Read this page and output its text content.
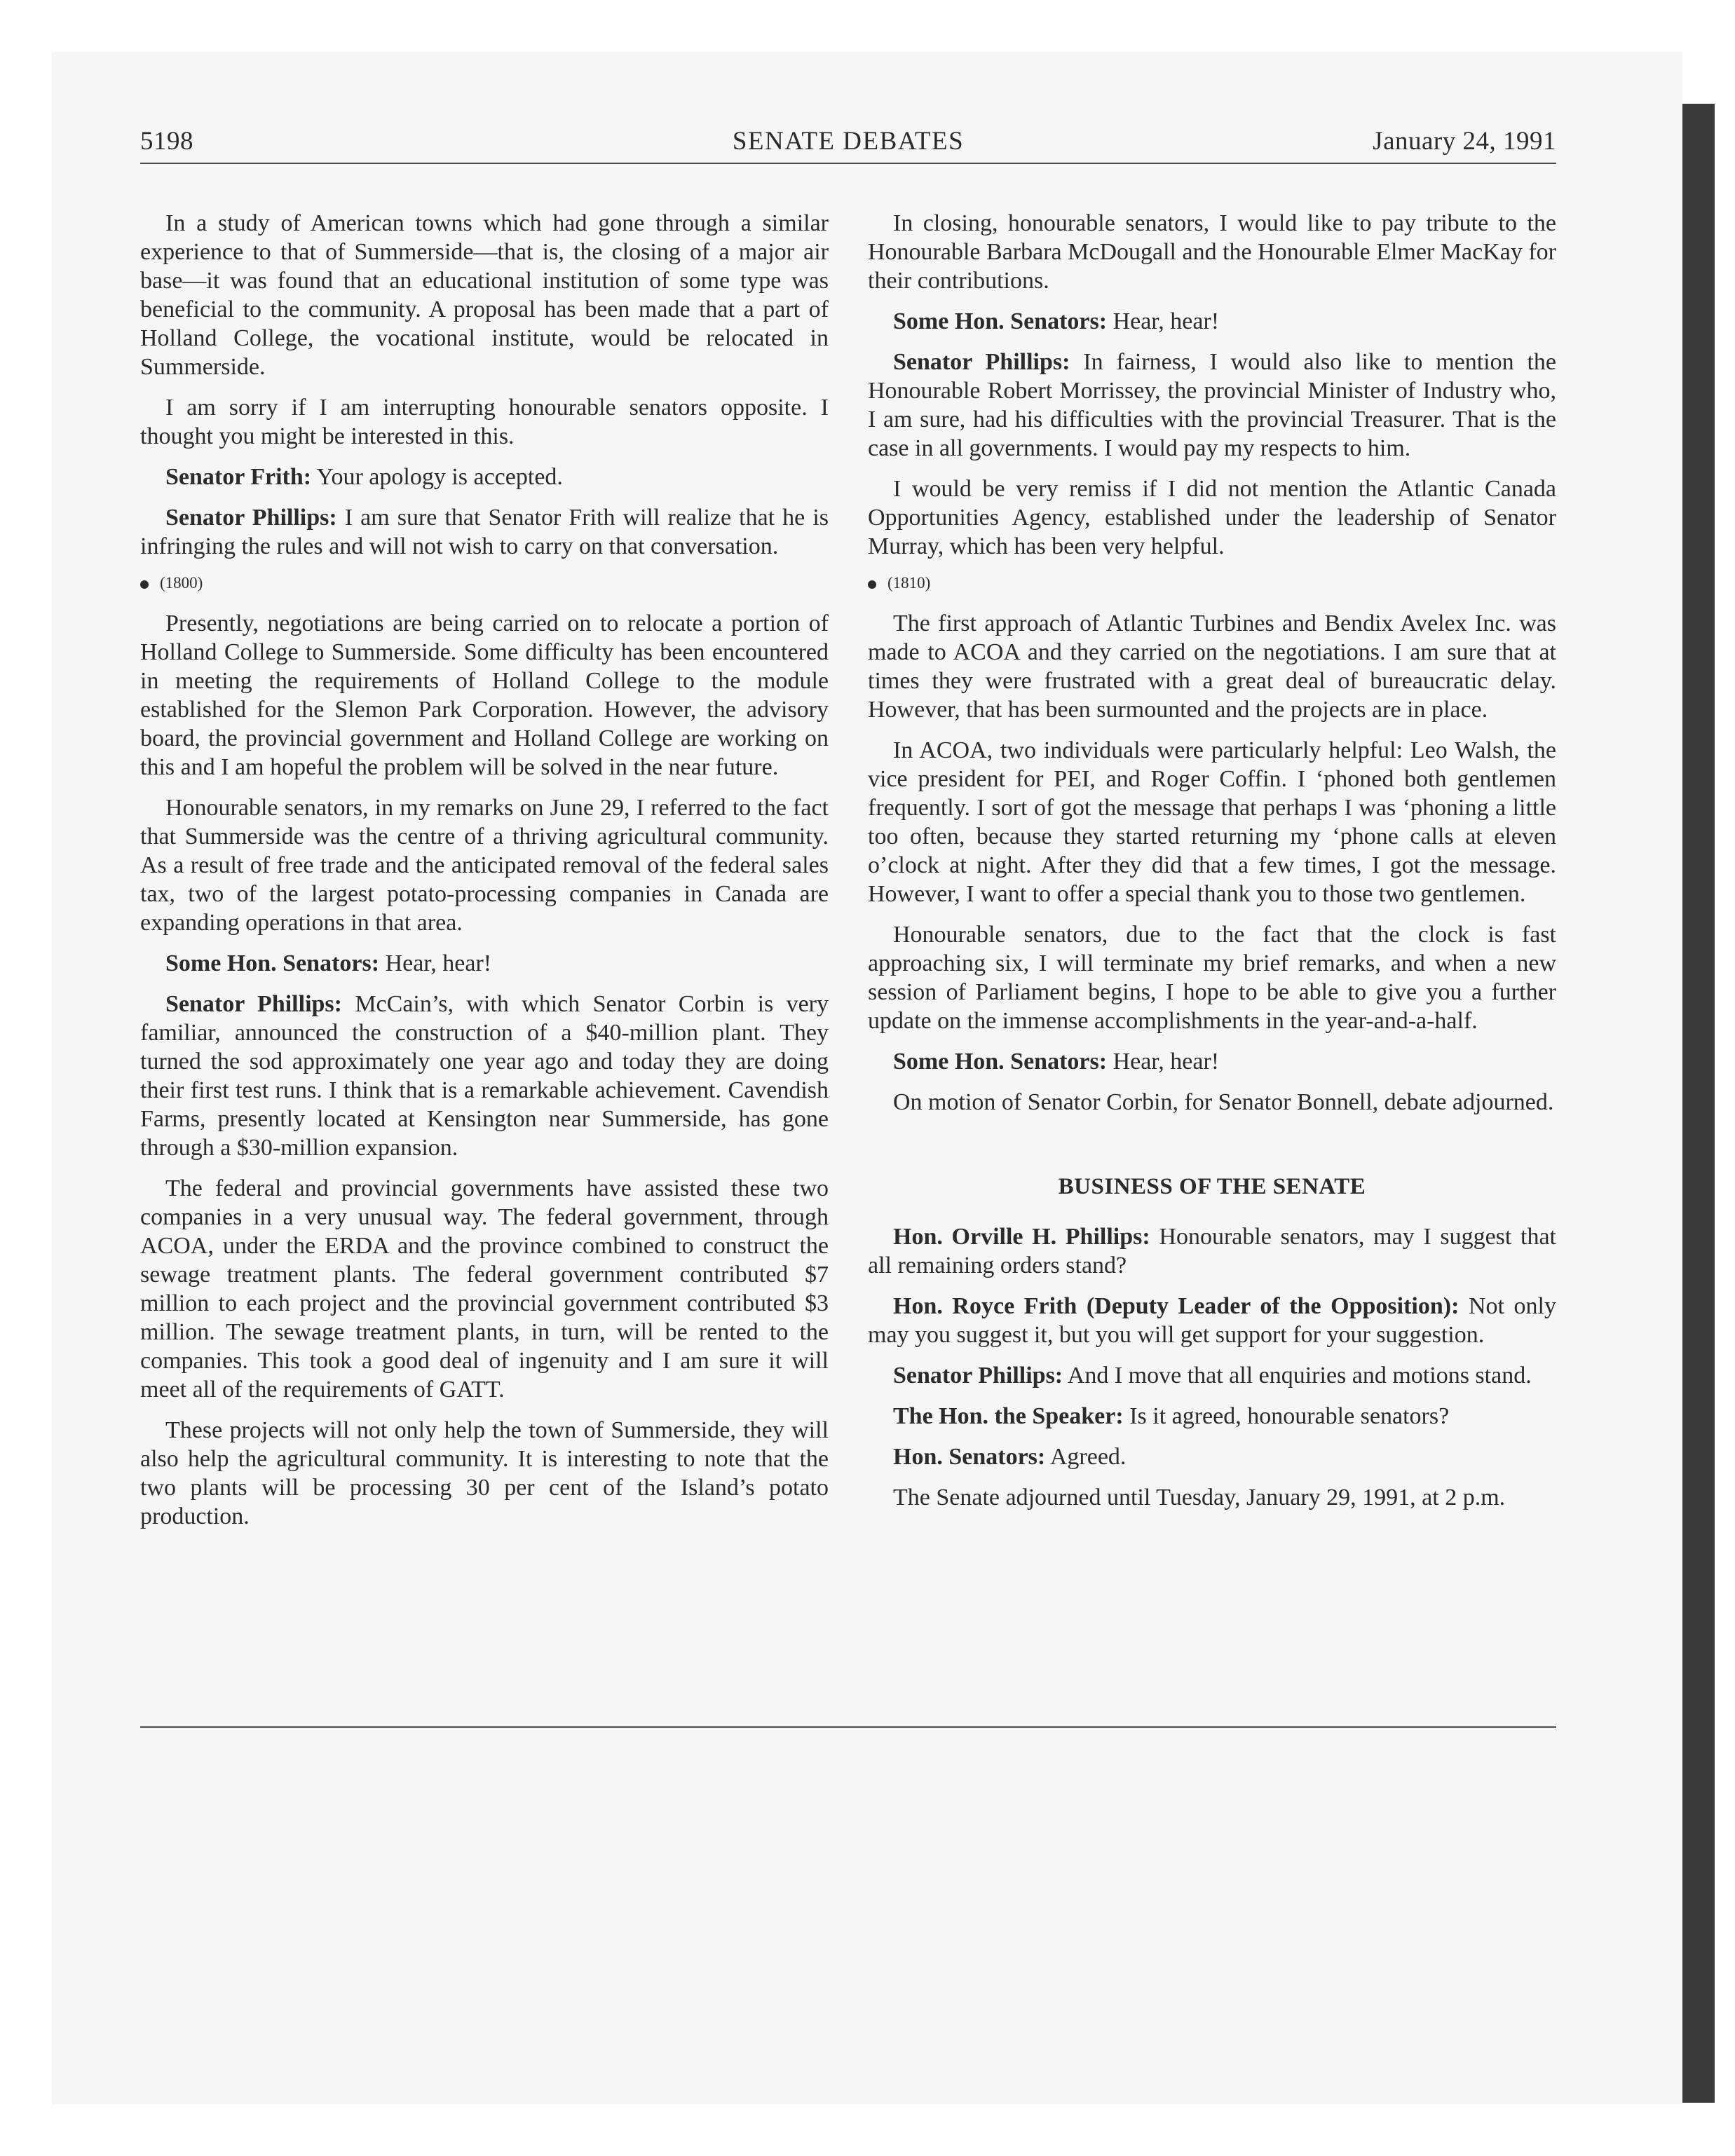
5198	SENATE DEBATES	January 24, 1991

In a study of American towns which had gone through a similar experience to that of Summerside—that is, the closing of a major air base—it was found that an educational institution of some type was beneficial to the community. A proposal has been made that a part of Holland College, the vocational institute, would be relocated in Summerside.

I am sorry if I am interrupting honourable senators opposite. I thought you might be interested in this.

Senator Frith: Your apology is accepted.

Senator Phillips: I am sure that Senator Frith will realize that he is infringing the rules and will not wish to carry on that conversation.

(1800)

Presently, negotiations are being carried on to relocate a portion of Holland College to Summerside. Some difficulty has been encountered in meeting the requirements of Holland College to the module established for the Slemon Park Corporation. However, the advisory board, the provincial government and Holland College are working on this and I am hopeful the problem will be solved in the near future.

Honourable senators, in my remarks on June 29, I referred to the fact that Summerside was the centre of a thriving agricultural community. As a result of free trade and the anticipated removal of the federal sales tax, two of the largest potato-processing companies in Canada are expanding operations in that area.

Some Hon. Senators: Hear, hear!

Senator Phillips: McCain’s, with which Senator Corbin is very familiar, announced the construction of a $40-million plant. They turned the sod approximately one year ago and today they are doing their first test runs. I think that is a remarkable achievement. Cavendish Farms, presently located at Kensington near Summerside, has gone through a $30-million expansion.

The federal and provincial governments have assisted these two companies in a very unusual way. The federal government, through ACOA, under the ERDA and the province combined to construct the sewage treatment plants. The federal government contributed $7 million to each project and the provincial government contributed $3 million. The sewage treatment plants, in turn, will be rented to the companies. This took a good deal of ingenuity and I am sure it will meet all of the requirements of GATT.

These projects will not only help the town of Summerside, they will also help the agricultural community. It is interesting to note that the two plants will be processing 30 per cent of the Island’s potato production.

In closing, honourable senators, I would like to pay tribute to the Honourable Barbara McDougall and the Honourable Elmer MacKay for their contributions.

Some Hon. Senators: Hear, hear!

Senator Phillips: In fairness, I would also like to mention the Honourable Robert Morrissey, the provincial Minister of Industry who, I am sure, had his difficulties with the provincial Treasurer. That is the case in all governments. I would pay my respects to him.

I would be very remiss if I did not mention the Atlantic Canada Opportunities Agency, established under the leadership of Senator Murray, which has been very helpful.

(1810)

The first approach of Atlantic Turbines and Bendix Avelex Inc. was made to ACOA and they carried on the negotiations. I am sure that at times they were frustrated with a great deal of bureaucratic delay. However, that has been surmounted and the projects are in place.

In ACOA, two individuals were particularly helpful: Leo Walsh, the vice president for PEI, and Roger Coffin. I ‘phoned both gentlemen frequently. I sort of got the message that perhaps I was ‘phoning a little too often, because they started returning my ‘phone calls at eleven o’clock at night. After they did that a few times, I got the message. However, I want to offer a special thank you to those two gentlemen.

Honourable senators, due to the fact that the clock is fast approaching six, I will terminate my brief remarks, and when a new session of Parliament begins, I hope to be able to give you a further update on the immense accomplishments in the year-and-a-half.

Some Hon. Senators: Hear, hear!

On motion of Senator Corbin, for Senator Bonnell, debate adjourned.

BUSINESS OF THE SENATE

Hon. Orville H. Phillips: Honourable senators, may I suggest that all remaining orders stand?

Hon. Royce Frith (Deputy Leader of the Opposition): Not only may you suggest it, but you will get support for your suggestion.

Senator Phillips: And I move that all enquiries and motions stand.

The Hon. the Speaker: Is it agreed, honourable senators?

Hon. Senators: Agreed.

The Senate adjourned until Tuesday, January 29, 1991, at 2 p.m.
